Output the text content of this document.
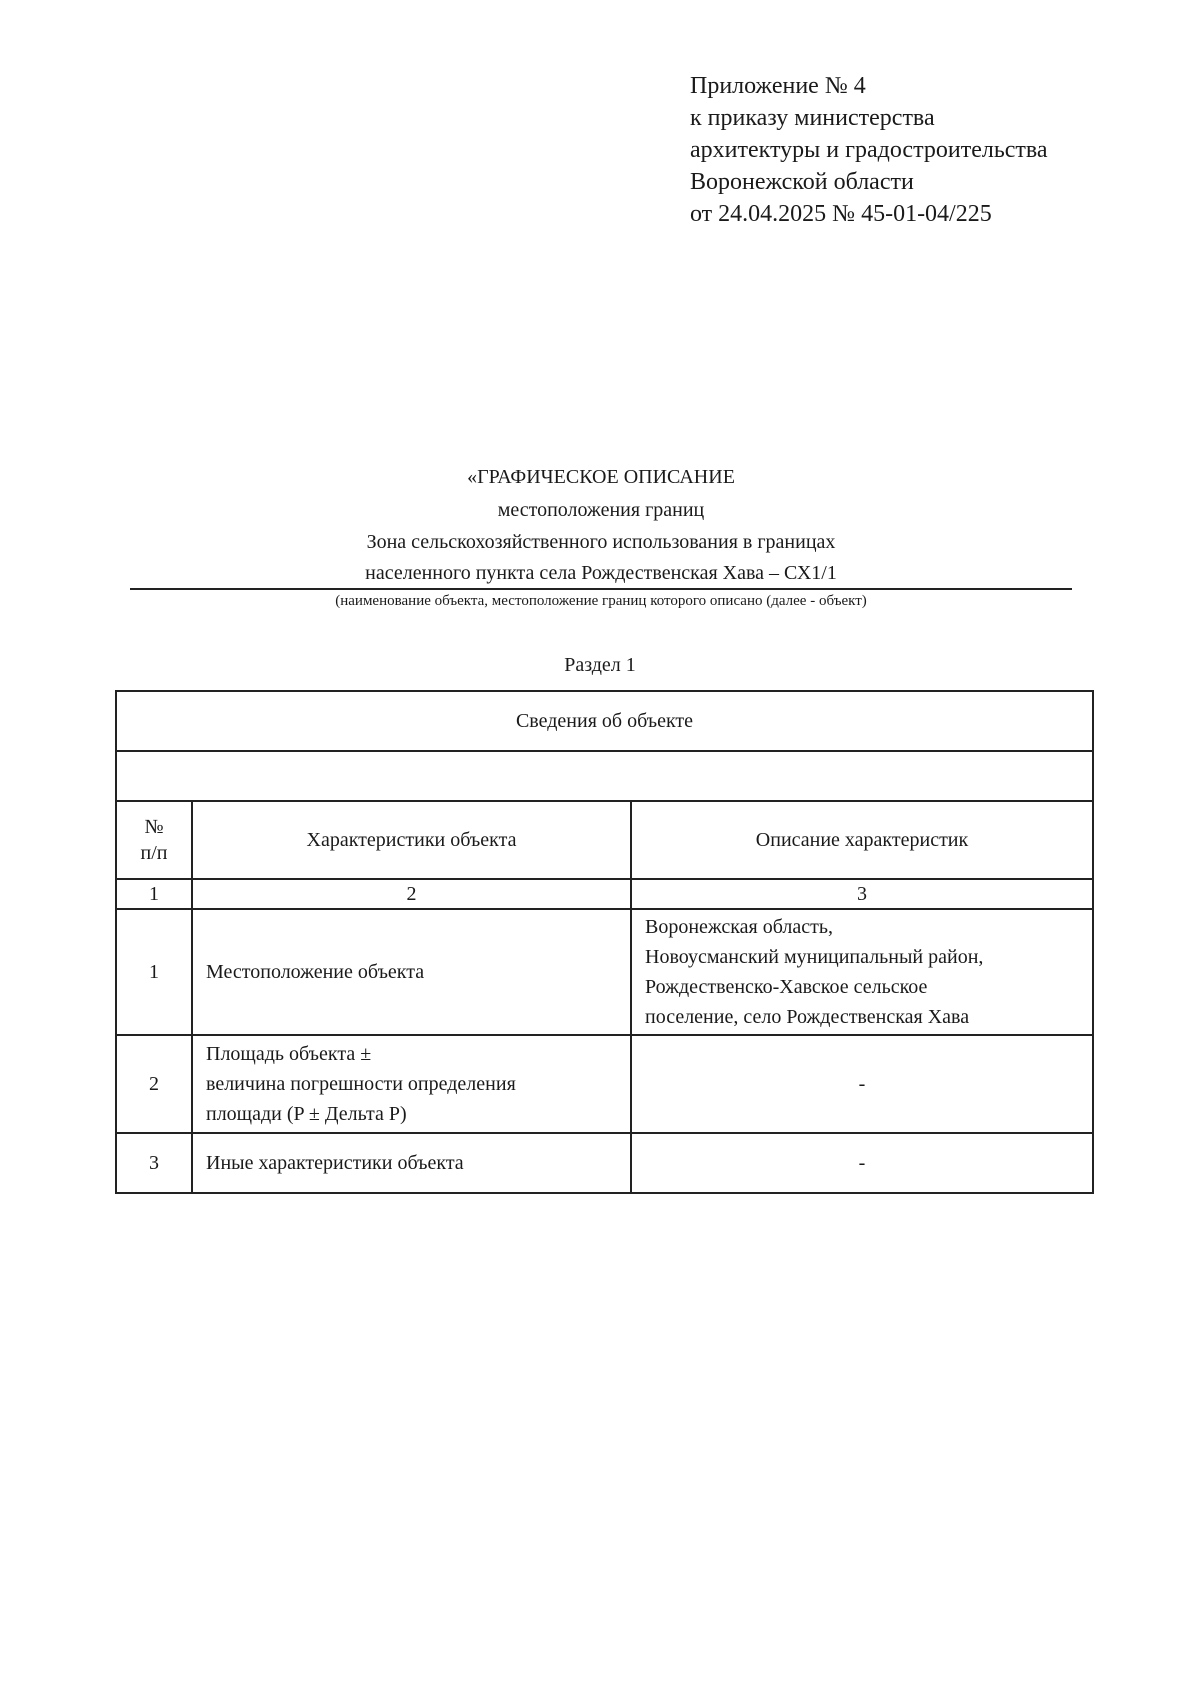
Приложение № 4
к приказу министерства
архитектуры и градостроительства
Воронежской области
от 24.04.2025 № 45-01-04/225
«ГРАФИЧЕСКОЕ ОПИСАНИЕ
местоположения границ
Зона сельскохозяйственного использования в границах
населенного пункта села Рождественская Хава – СХ1/1
(наименование объекта, местоположение границ которого описано (далее - объект)
Раздел 1
Сведения об объекте		

№
п/п	Характеристики объекта	Описание характеристик
1	2	3
1	Местоположение объекта	Воронежская область,
Новоусманский муниципальный район,
Рождественско-Хавское сельское
поселение, село Рождественская Хава

2	Площадь объекта ±
величина погрешности определения
площади (P ± Дельта P)	-
3	Иные характеристики объекта	-
